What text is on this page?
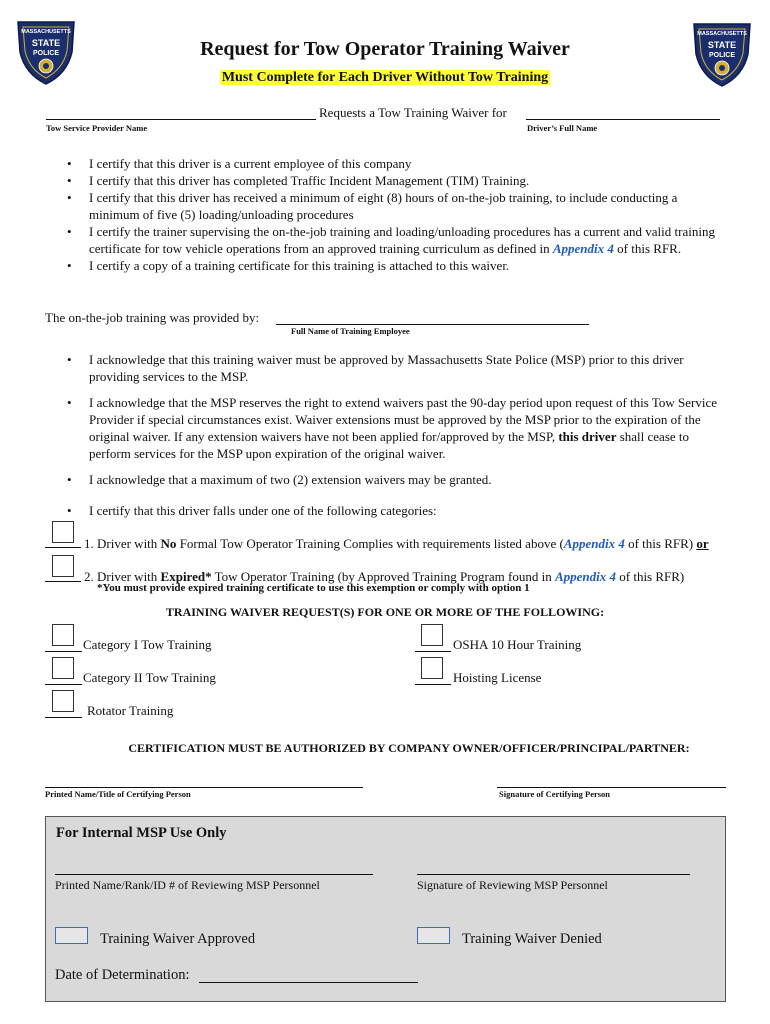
MASSACHUSETTS
STATE
POLICE
MASSACHUSETTS
STATE
POLICE
Request for Tow Operator Training Waiver
Must Complete for Each Driver Without Tow Training
Requests a Tow Training Waiver for
Tow Service Provider Name	Driver’s Full Name
• I certify that this driver is a current employee of this company
• I certify that this driver has completed Traffic Incident Management (TIM) Training.
• I certify that this driver has received a minimum of eight (8) hours of on-the-job training, to include conducting a minimum of five (5) loading/unloading procedures
• I certify the trainer supervising the on-the-job training and loading/unloading procedures has a current and valid training certificate for tow vehicle operations from an approved training curriculum as defined in Appendix 4 of this RFR.
• I certify a copy of a training certificate for this training is attached to this waiver.
The on-the-job training was provided by:
Full Name of Training Employee
• I acknowledge that this training waiver must be approved by Massachusetts State Police (MSP) prior to this driver providing services to the MSP.
• I acknowledge that the MSP reserves the right to extend waivers past the 90-day period upon request of this Tow Service Provider if special circumstances exist. Waiver extensions must be approved by the MSP prior to the expiration of the original waiver. If any extension waivers have not been applied for/approved by the MSP, this driver shall cease to perform services for the MSP upon expiration of the original waiver.
• I acknowledge that a maximum of two (2) extension waivers may be granted.
• I certify that this driver falls under one of the following categories:
1. Driver with No Formal Tow Operator Training Complies with requirements listed above (Appendix 4 of this RFR) or
2. Driver with Expired* Tow Operator Training (by Approved Training Program found in Appendix 4 of this RFR)
*You must provide expired training certificate to use this exemption or comply with option 1
TRAINING WAIVER REQUEST(S) FOR ONE OR MORE OF THE FOLLOWING:
Category I Tow Training	OSHA 10 Hour Training
Category II Tow Training	Hoisting License
Rotator Training
CERTIFICATION MUST BE AUTHORIZED BY COMPANY OWNER/OFFICER/PRINCIPAL/PARTNER:
Printed Name/Title of Certifying Person	Signature of Certifying Person
For Internal MSP Use Only
Printed Name/Rank/ID # of Reviewing MSP Personnel	Signature of Reviewing MSP Personnel
Training Waiver Approved	Training Waiver Denied
Date of Determination:
